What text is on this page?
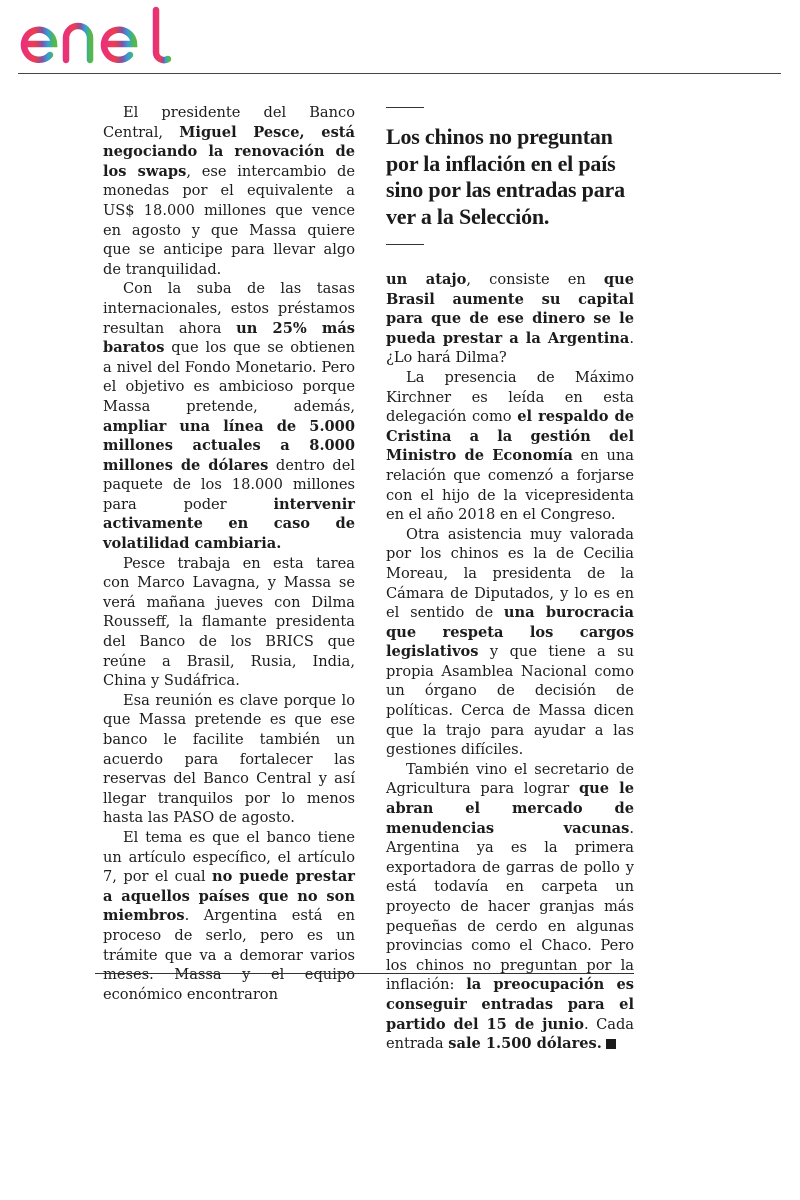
El presidente del Banco Central, Miguel Pesce, está negociando la renovación de los swaps, ese intercambio de monedas por el equivalente a US$ 18.000 millones que vence en agosto y que Massa quiere que se anticipe para llevar algo de tranquilidad.

Con la suba de las tasas internacionales, estos préstamos resultan ahora un 25% más baratos que los que se obtienen a nivel del Fondo Monetario. Pero el objetivo es ambicioso porque Massa pretende, además, ampliar una línea de 5.000 millones actuales a 8.000 millones de dólares dentro del paquete de los 18.000 millones para poder intervenir activamente en caso de volatilidad cambiaria.

Pesce trabaja en esta tarea con Marco Lavagna, y Massa se verá mañana jueves con Dilma Rousseff, la flamante presidenta del Banco de los BRICS que reúne a Brasil, Rusia, India, China y Sudáfrica.

Esa reunión es clave porque lo que Massa pretende es que ese banco le facilite también un acuerdo para fortalecer las reservas del Banco Central y así llegar tranquilos por lo menos hasta las PASO de agosto.

El tema es que el banco tiene un artículo específico, el artículo 7, por el cual no puede prestar a aquellos países que no son miembros. Argentina está en proceso de serlo, pero es un trámite que va a demorar varios meses. Massa y el equipo económico encontraron

Los chinos no preguntan por la inflación en el país sino por las entradas para ver a la Selección.

un atajo, consiste en que Brasil aumente su capital para que de ese dinero se le pueda prestar a la Argentina. ¿Lo hará Dilma?

La presencia de Máximo Kirchner es leída en esta delegación como el respaldo de Cristina a la gestión del Ministro de Economía en una relación que comenzó a forjarse con el hijo de la vicepresidenta en el año 2018 en el Congreso.

Otra asistencia muy valorada por los chinos es la de Cecilia Moreau, la presidenta de la Cámara de Diputados, y lo es en el sentido de una burocracia que respeta los cargos legislativos y que tiene a su propia Asamblea Nacional como un órgano de decisión de políticas. Cerca de Massa dicen que la trajo para ayudar a las gestiones difíciles.

También vino el secretario de Agricultura para lograr que le abran el mercado de menudencias vacunas. Argentina ya es la primera exportadora de garras de pollo y está todavía en carpeta un proyecto de hacer granjas más pequeñas de cerdo en algunas provincias como el Chaco. Pero los chinos no preguntan por la inflación: la preocupación es conseguir entradas para el partido del 15 de junio. Cada entrada sale 1.500 dólares.
